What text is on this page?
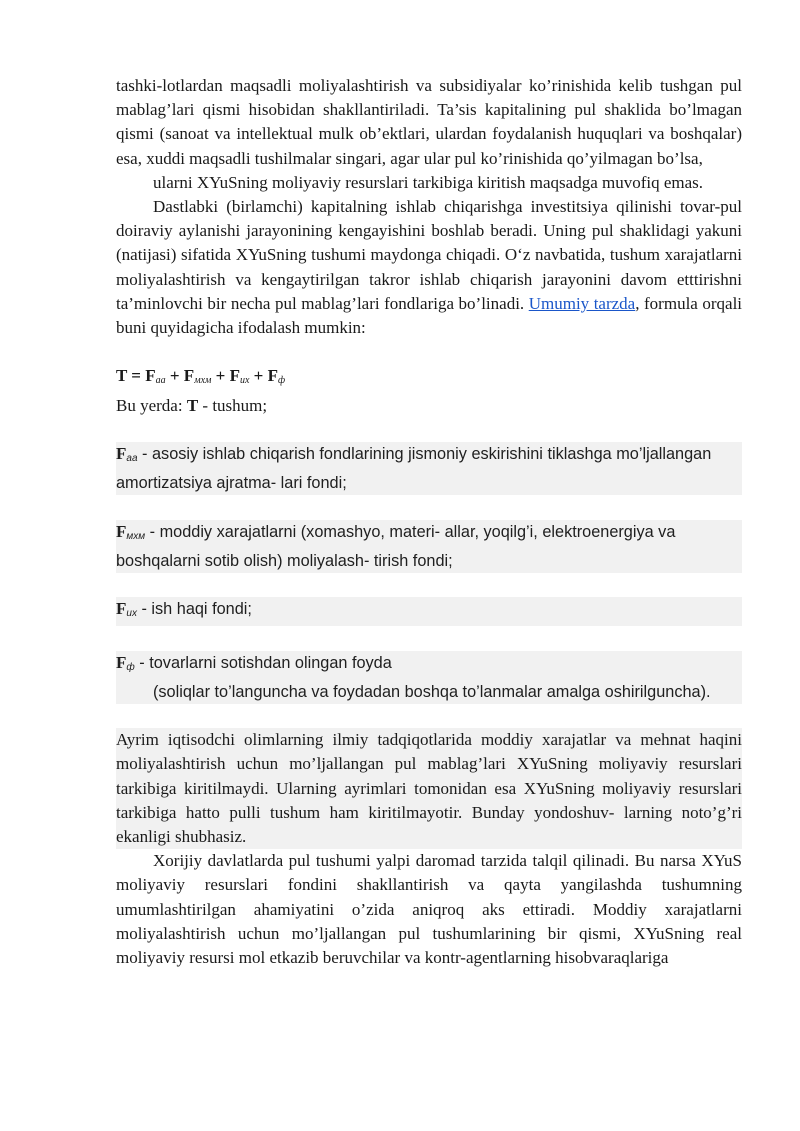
tashki-lotlardan maqsadli moliyalashtirish va subsidiyalar ko’rinishida kelib tushgan pul mablag’lari qismi hisobidan shakllantiriladi. Ta’sis kapitalining pul shaklida bo’lmagan qismi (sanoat va intellektual mulk ob’ektlari, ulardan foydalanish huquqlari va boshqalar) esa, xuddi maqsadli tushilmalar singari, agar ular pul ko’rinishida qo’yilmagan bo’lsa,

ularni XYuSning moliyaviy resurslari tarkibiga kiritish maqsadga muvofiq emas.

Dastlabki (birlamchi) kapitalning ishlab chiqarishga investitsiya qilinishi tovar-pul doiraviy aylanishi jarayonining kengayishini boshlab beradi. Uning pul shaklidagi yakuni (natijasi) sifatida XYuSning tushumi maydonga chiqadi. O‘z navbatida, tushum xarajatlarni moliyalashtirish va kengaytirilgan takror ishlab chiqarish jarayonini davom etttirishni ta’minlovchi bir necha pul mablag’lari fondlariga bo’linadi. Umumiy tarzda, formula orqali buni quyidagicha ifodalash mumkin:

$T = F_{аа} + F_{мхм} + F_{их} + F_ф$

Bu yerda: T - tushum;

$F_{аа}$ - asosiy ishlab chiqarish fondlarining jismoniy eskirishini tiklashga mo’ljallangan amortizatsiya ajratma- lari fondi;

$F_{мхм}$ - moddiy xarajatlarni (xomashyo, materi- allar, yoqilg’i, elektroenergiya va boshqalarni sotib olish) moliyalash- tirish fondi;

$F_{их}$ - ish haqi fondi;

$F_ф$ - tovarlarni sotishdan olingan foyda

(soliqlar to’languncha va foydadan boshqa to’lanmalar amalga oshirilguncha).

Ayrim iqtisodchi olimlarning ilmiy tadqiqotlarida moddiy xarajatlar va mehnat haqini moliyalashtirish uchun mo’ljallangan pul mablag’lari XYuSning moliyaviy resurslari tarkibiga kiritilmaydi. Ularning ayrimlari tomonidan esa XYuSning moliyaviy resurslari tarkibiga hatto pulli tushum ham kiritilmayotir. Bunday yondoshuv- larning noto’g’ri ekanligi shubhasiz.

Xorijiy davlatlarda pul tushumi yalpi daromad tarzida talqil qilinadi. Bu narsa XYuS moliyaviy resurslari fondini shakllantirish va qayta yangilashda tushumning umumlashtirilgan ahamiyatini o’zida aniqroq aks ettiradi. Moddiy xarajatlarni moliyalashtirish uchun mo’ljallangan pul tushumlarining bir qismi, XYuSning real moliyaviy resursi mol etkazib beruvchilar va kontr-agentlarning hisobvaraqlariga
